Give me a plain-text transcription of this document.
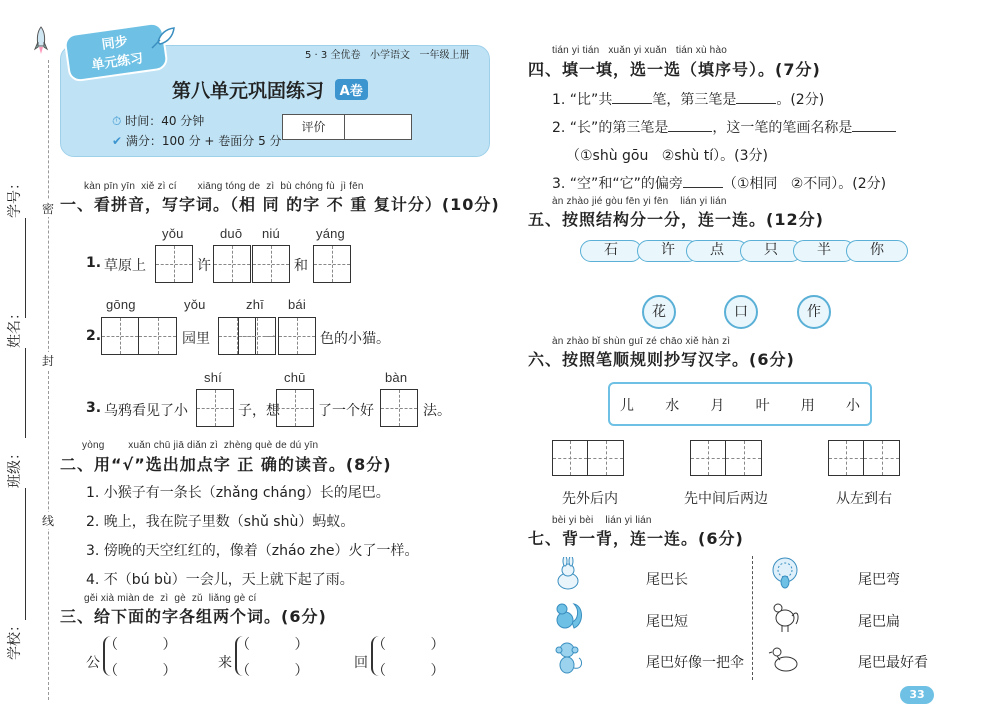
密
封
线
学号：
姓名：
班级：
学校：
同步
单元练习	5 · 3 全优卷   小学语文   一年级上册
第八单元巩固练习 A卷
⏱ 时间：40 分钟
✔ 满分：100 分 + 卷面分 5 分
评价
kàn pīn yīn  xiě zì cí       xiāng tóng de  zì  bù chóng fù  jì fēn
一、看拼音，写字词。（相 同 的字 不 重 复计分）(10分)
1. 草原上
yǒu
许
duō niú
和
yáng
gōng	yǒu	zhī bái
2.	园里	一	色的小猫。
3. 乌鸦看见了小
shí
子，想
chū
了一个好
bàn
法。
yòng        xuǎn chū jiā diǎn zì  zhèng què de dú yīn
二、用“√”选出加点字 正 确的读音。(8分)
1. 小猴子有一条长（zhǎng cháng）长的尾巴。
2. 晚上，我在院子里数（shǔ shù）蚂蚁。
3. 傍晚的天空红红的，像着（zháo zhe）火了一样。
4. 不（bú bù）一会儿，天上就下起了雨。
gěi xià miàn de  zì  gè  zǔ  liǎng gè cí
三、给下面的字各组两个词。(6分)
公
（          ）
（          ）	来
（          ）
（          ）	回
（          ）
（          ）
tián yi tián   xuǎn yi xuǎn   tián xù hào
四、填一填，选一选（填序号）。(7分)
1. “比”共	笔，第三笔是	。(2分)
2. “长”的第三笔是	，这一笔的笔画名称是
（①shù gōu   ②shù tí）。(3分)
3. “空”和“它”的偏旁	（①相同   ②不同）。(2分)
àn zhào jié gòu fēn yi fēn    lián yi lián
五、按照结构分一分，连一连。(12分)
石	许	点	只	半	你
花	口	作
àn zhào bǐ shùn guī zé chāo xiě hàn zì
六、按照笔顺规则抄写汉字。(6分)
儿 水 月 叶 用 小
先外后内	先中间后两边	从左到右
bèi yi bèi    lián yi lián
七、背一背，连一连。(6分)
尾巴长
尾巴短
尾巴好像一把伞
尾巴弯
尾巴扁
尾巴最好看
33
